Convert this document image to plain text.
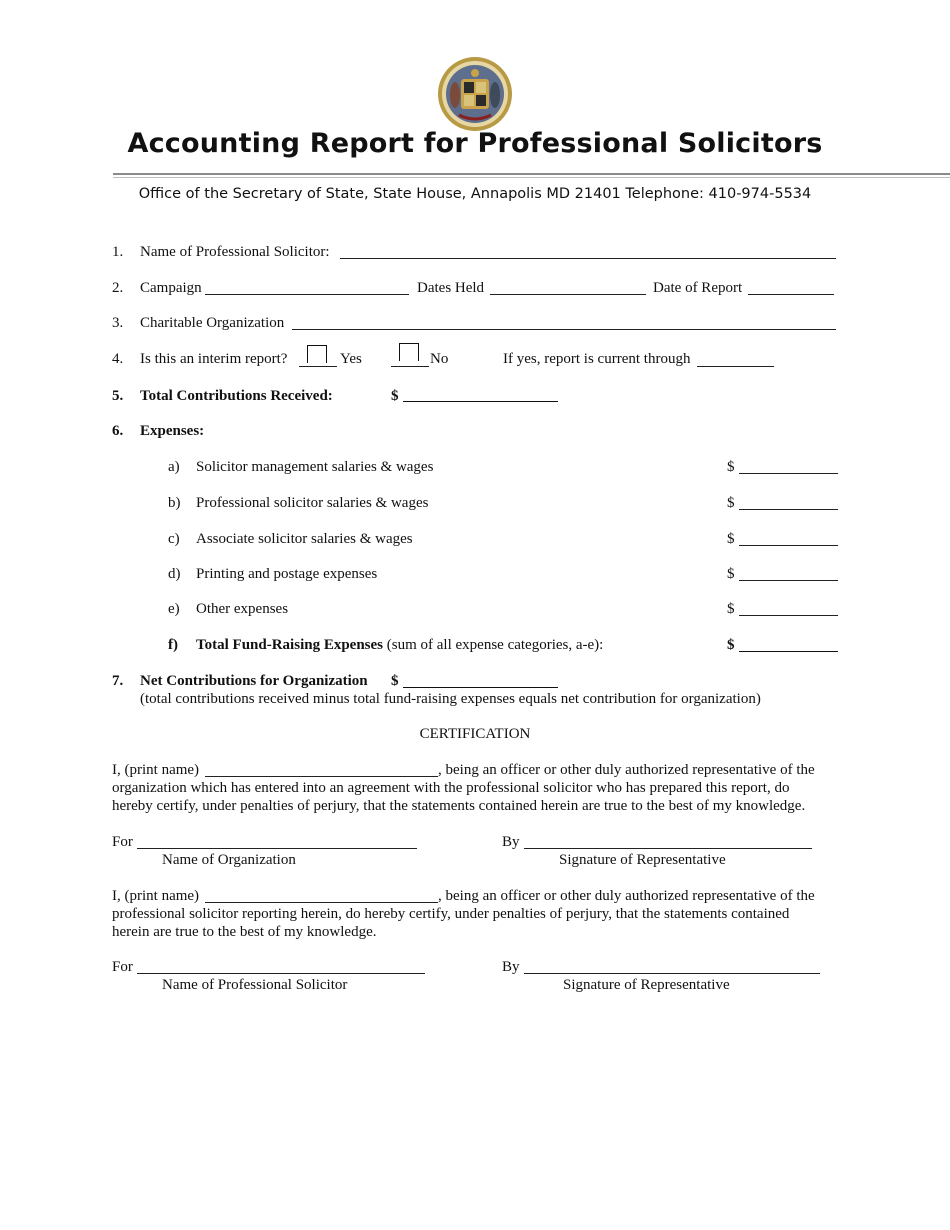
Accounting Report for Professional Solicitors
Office of the Secretary of State, State House, Annapolis MD 21401 Telephone: 410-974-5534
1. Name of Professional Solicitor:
2. Campaign	Dates Held	Date of Report
3. Charitable Organization
4. Is this an interim report?	Yes	No	If yes, report is current through
5. Total Contributions Received:	$
6. Expenses:
a) Solicitor management salaries & wages	$
b) Professional solicitor salaries & wages	$
c) Associate solicitor salaries & wages	$
d) Printing and postage expenses	$
e) Other expenses	$
f) Total Fund-Raising Expenses (sum of all expense categories, a-e):	$
7. Net Contributions for Organization $
(total contributions received minus total fund-raising expenses equals net contribution for organization)
CERTIFICATION
I, (print name)	, being an officer or other duly authorized representative of the
organization which has entered into an agreement with the professional solicitor who has prepared this report, do
hereby certify, under penalties of perjury, that the statements contained herein are true to the best of my knowledge.
For
Name of Organization
By
Signature of Representative
I, (print name)	, being an officer or other duly authorized representative of the
professional solicitor reporting herein, do hereby certify, under penalties of perjury, that the statements contained
herein are true to the best of my knowledge.
For
Name of Professional Solicitor
By
Signature of Representative
